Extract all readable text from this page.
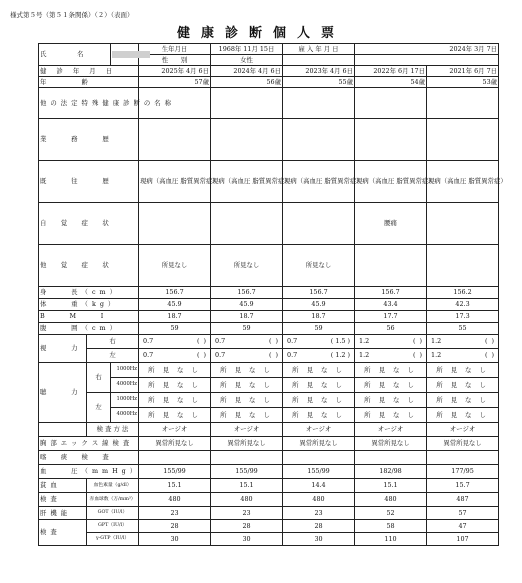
様式第５号（第５１条関係）（２）（表面）
健康診断個人票
氏　　名			生年月日	1968年 11月 15日	雇 入 年 月 日	2024年 3月 7日	
			性　　別	女性			
健 診 年 月 日			2025年 4月 6日	2024年 4月 6日	2023年 4月 6日	2022年 6月 17日	2021年 6月 7日
年　　　齢			57歳	56歳	55歳	54歳	53歳
他の法定特殊健康診断の名称							
業　　務　　歴							
既　　往　　歴			現病（高血圧 脂質異常症）	現病（高血圧 脂質異常症）	現病（高血圧 脂質異常症）	現病（高血圧 脂質異常症）	現病（高血圧 脂質異常症）
自　覚　症　状						腰痛	
他　覚　症　状			所見なし	所見なし	所見なし		
身　　長（cm）			156.7	156.7	156.7	156.7	156.2
体　　重（kg）			45.9	45.9	45.9	43.4	42.3
B　　M　　I			18.7	18.7	18.7	17.7	17.3
腹　　囲（cm）			59	59	59	56	55
視　　力	右		0.7 (  )	0.7 (  )	0.7 ( 1.5 )	1.2 (  )	1.2 (  )

	左		0.7 (  )	0.7 (  )	0.7 ( 1.2 )	1.2 (  )	1.2 (  )

聴　　力	右	1000Hz	所 見 な し	所 見 な し	所 見 な し	所 見 な し	所 見 な し
		4000Hz	所 見 な し	所 見 な し	所 見 な し	所 見 な し	所 見 な し
	左	1000Hz	所 見 な し	所 見 な し	所 見 な し	所 見 な し	所 見 な し
		4000Hz	所 見 な し	所 見 な し	所 見 な し	所 見 な し	所 見 な し
	検 査 方 法		オージオ	オージオ	オージオ	オージオ	オージオ
胸部エックス線検査			異常所見なし	異常所見なし	異常所見なし	異常所見なし	異常所見なし
喀　痰　検　査							
血　　圧（mmHg）			155/99	155/99	155/99	182/98	177/95
貧血	血色素量（g/dl）		15.1	15.1	14.4	15.1	15.7
検査	赤血球数（万/mm³）		480	480	480	480	487
肝機能	GOT（IU/l）		23	23	23	52	57
検査	GPT（IU/l）		28	28	28	58	47
	γ-GTP（IU/l）		30	30	30	110	107
